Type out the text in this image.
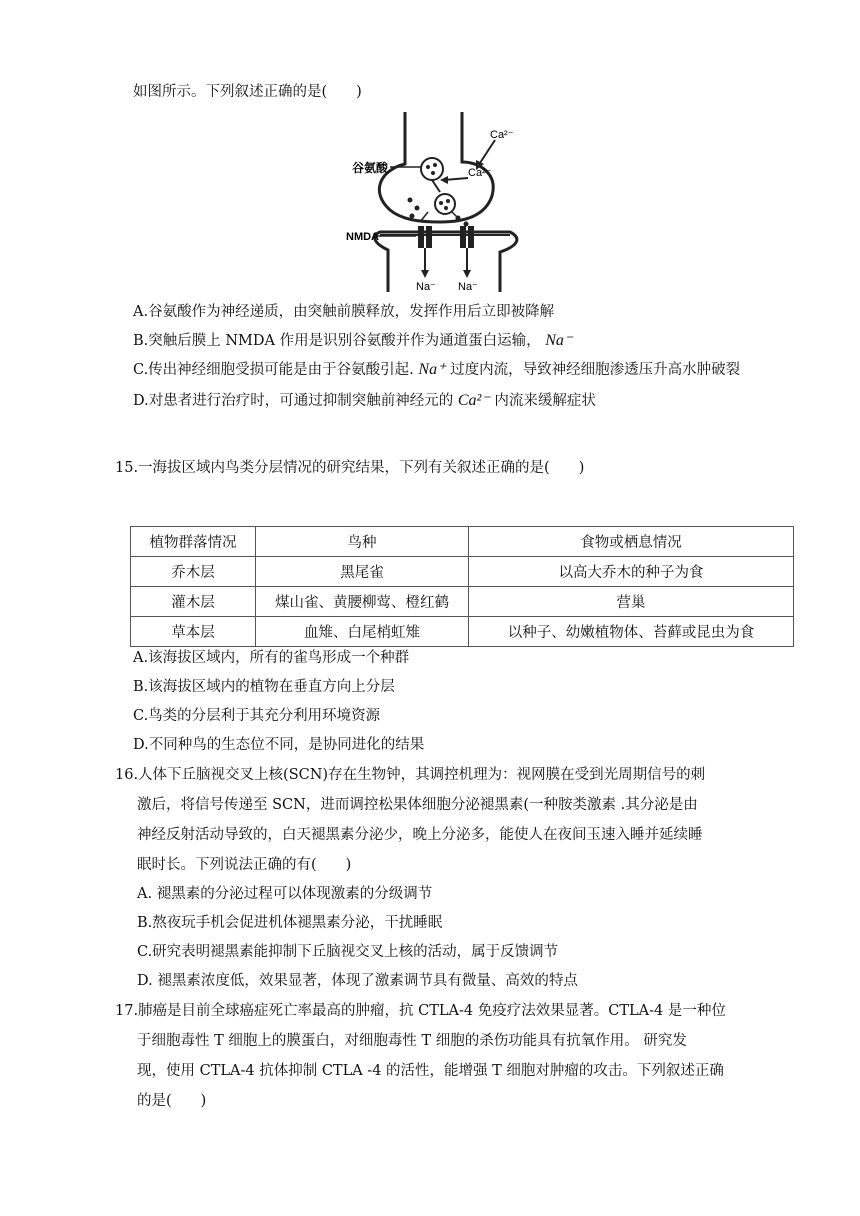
如图所示。下列叙述正确的是(　　)
谷氨酸
NMDA
Ca²⁻
Ca²⁻
Na⁻ Na⁻
A.谷氨酸作为神经递质，由突触前膜释放，发挥作用后立即被降解
B.突触后膜上 NMDA 作用是识别谷氨酸并作为通道蛋白运输， Na⁻
C.传出神经细胞受损可能是由于谷氨酸引起. Na⁺ 过度内流，导致神经细胞渗透压升高水肿破裂
D.对患者进行治疗时，可通过抑制突触前神经元的 Ca²⁻ 内流来缓解症状
15.一海拔区域内鸟类分层情况的研究结果，下列有关叙述正确的是(　　)
植物群落情况	鸟种	食物或栖息情况
乔木层	黑尾雀	以高大乔木的种子为食
灌木层	煤山雀、黄腰柳莺、橙红鹤	营巢
草本层	血雉、白尾梢虹雉	以种子、幼嫩植物体、苔藓或昆虫为食
A.该海拔区域内，所有的雀鸟形成一个种群
B.该海拔区域内的植物在垂直方向上分层
C.鸟类的分层利于其充分利用环境资源
D.不同种鸟的生态位不同，是协同进化的结果
16.人体下丘脑视交叉上核(SCN)存在生物钟，其调控机理为：视网膜在受到光周期信号的刺
激后，将信号传递至 SCN，进而调控松果体细胞分泌褪黑素(一种胺类激素 .其分泌是由
神经反射活动导致的，白天褪黑素分泌少，晚上分泌多，能使人在夜间玉速入睡并延续睡
眠时长。下列说法正确的有(　　)
A. 褪黑素的分泌过程可以体现激素的分级调节
B.熬夜玩手机会促进机体褪黑素分泌，干扰睡眠
C.研究表明褪黑素能抑制下丘脑视交叉上核的活动，属于反馈调节
D. 褪黑素浓度低，效果显著，体现了激素调节具有微量、高效的特点
17.肺癌是目前全球癌症死亡率最高的肿瘤，抗 CTLA-4 免疫疗法效果显著。CTLA-4 是一种位
于细胞毒性 T 细胞上的膜蛋白，对细胞毒性 T 细胞的杀伤功能具有抗氧作用。 研究发
现，使用 CTLA-4 抗体抑制 CTLA -4 的活性，能增强 T 细胞对肿瘤的攻击。下列叙述正确
的是(　　)
